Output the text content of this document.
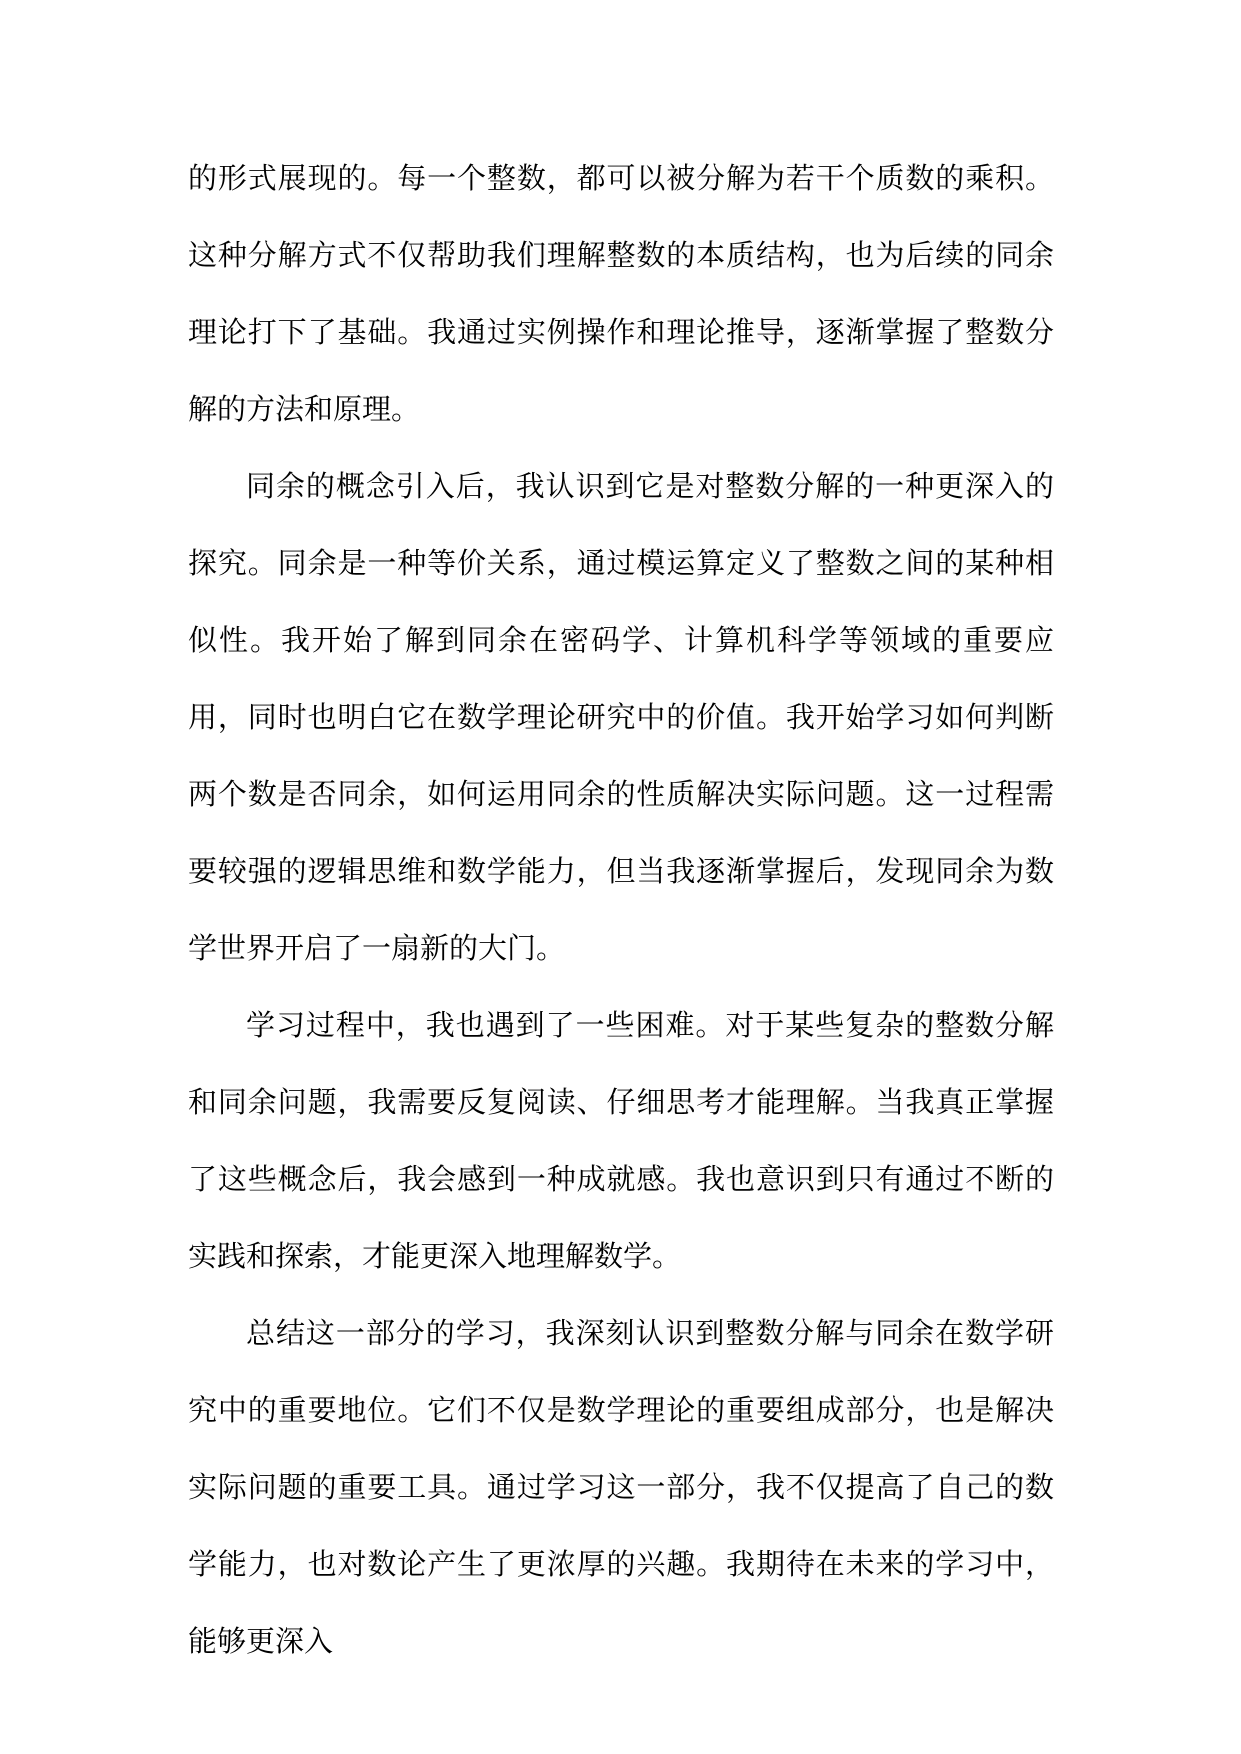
的形式展现的。每一个整数，都可以被分解为若干个质数的乘积。这种分解方式不仅帮助我们理解整数的本质结构，也为后续的同余理论打下了基础。我通过实例操作和理论推导，逐渐掌握了整数分解的方法和原理。

同余的概念引入后，我认识到它是对整数分解的一种更深入的探究。同余是一种等价关系，通过模运算定义了整数之间的某种相似性。我开始了解到同余在密码学、计算机科学等领域的重要应用，同时也明白它在数学理论研究中的价值。我开始学习如何判断两个数是否同余，如何运用同余的性质解决实际问题。这一过程需要较强的逻辑思维和数学能力，但当我逐渐掌握后，发现同余为数学世界开启了一扇新的大门。

学习过程中，我也遇到了一些困难。对于某些复杂的整数分解和同余问题，我需要反复阅读、仔细思考才能理解。当我真正掌握了这些概念后，我会感到一种成就感。我也意识到只有通过不断的实践和探索，才能更深入地理解数学。

总结这一部分的学习，我深刻认识到整数分解与同余在数学研究中的重要地位。它们不仅是数学理论的重要组成部分，也是解决实际问题的重要工具。通过学习这一部分，我不仅提高了自己的数学能力，也对数论产生了更浓厚的兴趣。我期待在未来的学习中，能够更深入
